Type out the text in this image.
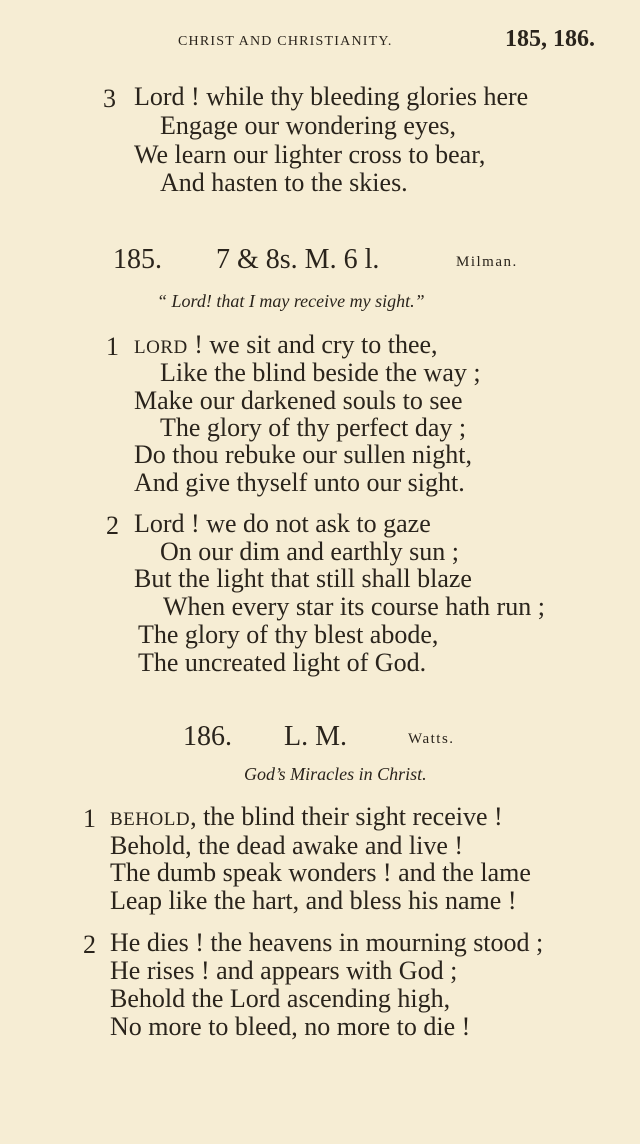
CHRIST AND CHRISTIANITY.	185, 186.
3 Lord ! while thy bleeding glories here
Engage our wondering eyes,
We learn our lighter cross to bear,
And hasten to the skies.
185. 7 & 8s. M. 6 l.	Milman.
“ Lord! that I may receive my sight.”
1 LORD ! we sit and cry to thee,
Like the blind beside the way ;
Make our darkened souls to see
The glory of thy perfect day ;
Do thou rebuke our sullen night,
And give thyself unto our sight.
2 Lord ! we do not ask to gaze
On our dim and earthly sun ;
But the light that still shall blaze
When every star its course hath run ;
The glory of thy blest abode,
The uncreated light of God.
186. L. M.	Watts.
God’s Miracles in Christ.
1 BEHOLD, the blind their sight receive !
Behold, the dead awake and live !
The dumb speak wonders ! and the lame
Leap like the hart, and bless his name !
2 He dies ! the heavens in mourning stood ;
He rises ! and appears with God ;
Behold the Lord ascending high,
No more to bleed, no more to die !
